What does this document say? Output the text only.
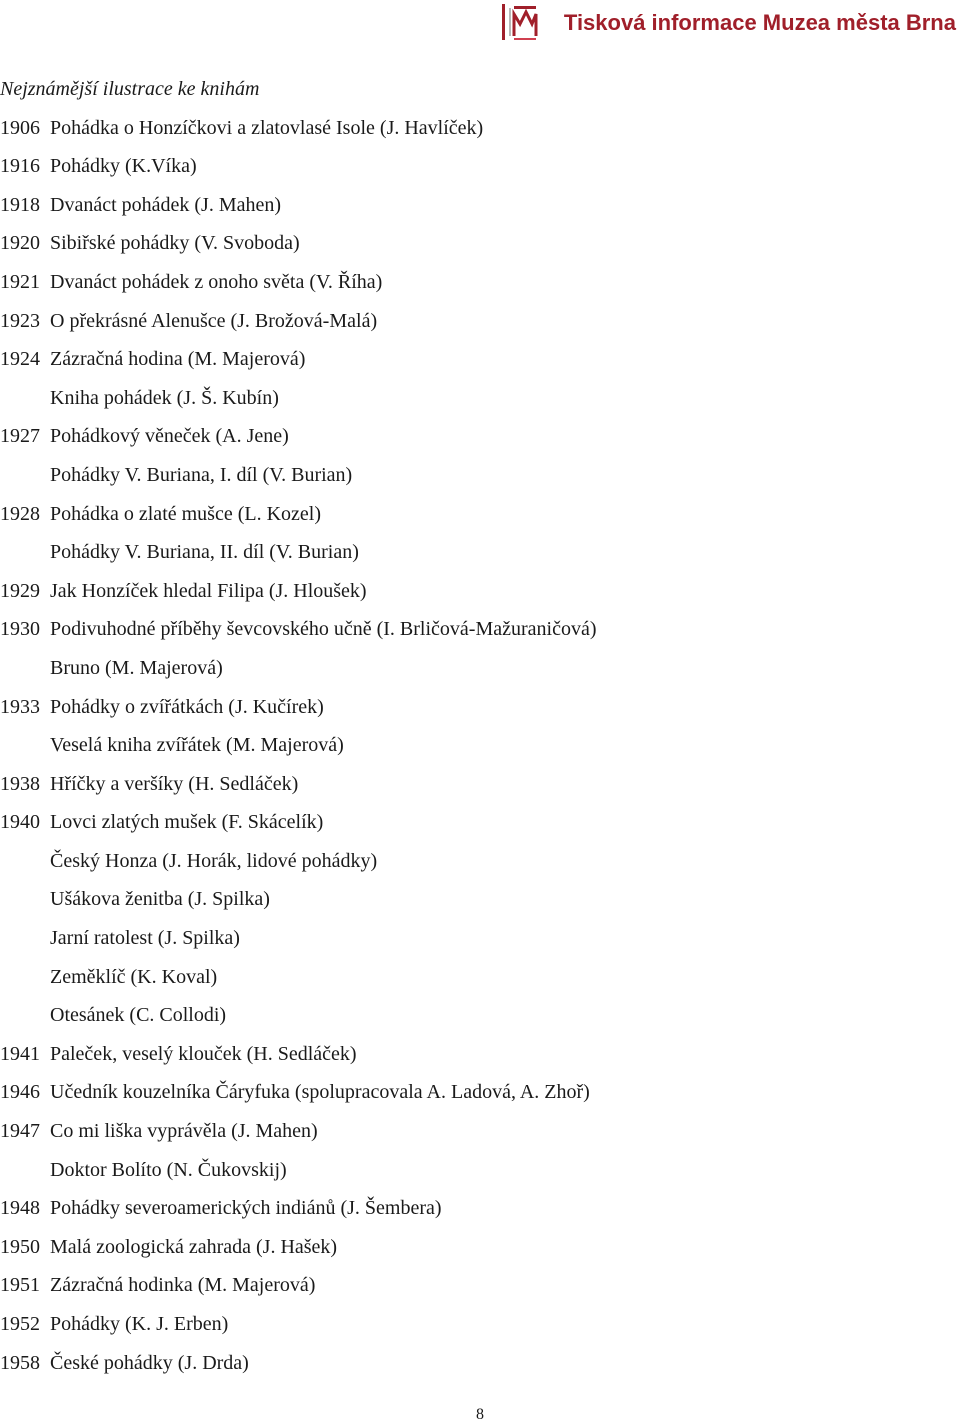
Tisková informace Muzea města Brna
Nejznámější ilustrace ke knihám
1906 Pohádka o Honzíčkovi a zlatovlasé Isole (J. Havlíček)
1916 Pohádky (K.Víka)
1918 Dvanáct pohádek (J. Mahen)
1920 Sibiřské pohádky (V. Svoboda)
1921 Dvanáct pohádek z onoho světa (V. Říha)
1923 O překrásné Alenušce (J. Brožová-Malá)
1924 Zázračná hodina (M. Majerová)
Kniha pohádek (J. Š. Kubín)
1927 Pohádkový věneček (A. Jene)
Pohádky V. Buriana, I. díl (V. Burian)
1928 Pohádka o zlaté mušce (L. Kozel)
Pohádky V. Buriana, II. díl (V. Burian)
1929 Jak Honzíček hledal Filipa (J. Hloušek)
1930 Podivuhodné příběhy ševcovského učně (I. Brličová-Mažuraničová)
Bruno (M. Majerová)
1933 Pohádky o zvířátkách (J. Kučírek)
Veselá kniha zvířátek (M. Majerová)
1938 Hříčky a veršíky (H. Sedláček)
1940 Lovci zlatých mušek (F. Skácelík)
Český Honza (J. Horák, lidové pohádky)
Ušákova ženitba (J. Spilka)
Jarní ratolest (J. Spilka)
Zeměklíč (K. Koval)
Otesánek (C. Collodi)
1941 Paleček, veselý klouček (H. Sedláček)
1946 Učedník kouzelníka Čáryfuka (spolupracovala A. Ladová, A. Zhoř)
1947 Co mi liška vyprávěla (J. Mahen)
Doktor Bolíto (N. Čukovskij)
1948 Pohádky severoamerických indiánů (J. Šembera)
1950 Malá zoologická zahrada (J. Hašek)
1951 Zázračná hodinka (M. Majerová)
1952 Pohádky (K. J. Erben)
1958 České pohádky (J. Drda)
8
